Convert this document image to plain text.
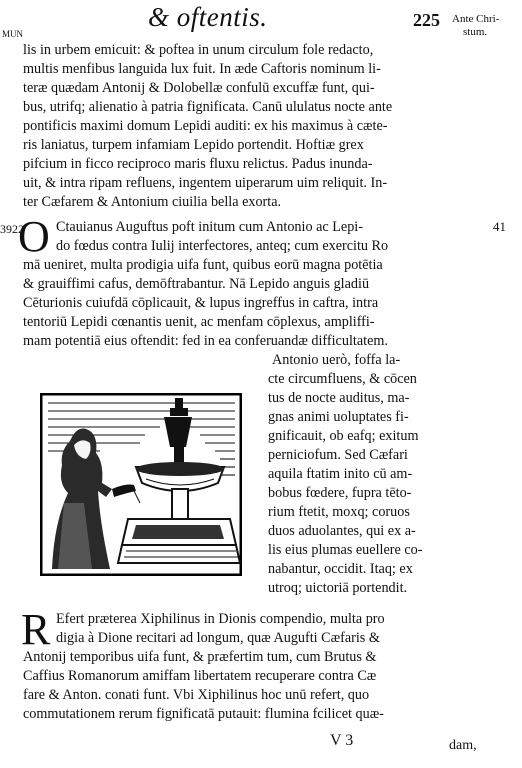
MUN
& oftentis.	225 Ante Chri-
stum.
lis in urbem emicuit: & poftea in unum circulum fole redacto,
multis menfibus languida lux fuit. In æde Caftoris nominum li-
teræ quædam Antonij & Dolobellæ confulū excuffæ funt, qui-
bus, utrifq; alienatio à patria fignificata. Canū ululatus nocte ante
pontificis maximi domum Lepidi auditi: ex his maximus à cæte-
ris laniatus, turpem infamiam Lepido portendit. Hoftiæ grex
pifcium in ficco reciproco maris fluxu relictus. Padus inunda-
uit, & intra ripam refluens, ingentem uiperarum uim reliquit. In-
ter Cæfarem & Antonium ciuilia bella exorta.
3922	41
O Ctauianus Auguftus poft initum cum Antonio ac Lepi-
do fœdus contra Iulij interfectores, anteq; cum exercitu Ro
mā ueniret, multa prodigia uifa funt, quibus eorū magna potētia
& grauiffimi cafus, demōftrabantur. Nā Lepido anguis gladiū
Cēturionis cuiufdā cōplicauit, & lupus ingreffus in caftra, intra
tentoriū Lepidi cœnantis uenit, ac menfam cōplexus, ampliffi-
mam potentiā eius oftendit: fed in ea conferuandæ difficultatem.
Antonio uerò, foffa la-
cte circumfluens, & cōcen
tus de nocte auditus, ma-
gnas animi uoluptates fi-
gnificauit, ob eafq; exitum
perniciofum. Sed Cæfari
aquila ftatim inito cū am-
bobus fœdere, fupra tēto-
rium ftetit, moxq; coruos
duos aduolantes, qui ex a-
lis eius plumas euellere co-
nabantur, occidit. Itaq; ex
utroq; uictoriā portendit.
R Efert præterea Xiphilinus in Dionis compendio, multa pro
digia à Dione recitari ad longum, quæ Augufti Cæfaris &
Antonij temporibus uifa funt, & præfertim tum, cum Brutus &
Caffius Romanorum amiffam libertatem recuperare contra Cæ
fare & Anton. conati funt. Vbi Xiphilinus hoc unū refert, quo
commutationem rerum fignificatā putauit: flumina fcilicet quæ-
V 3	dam,
